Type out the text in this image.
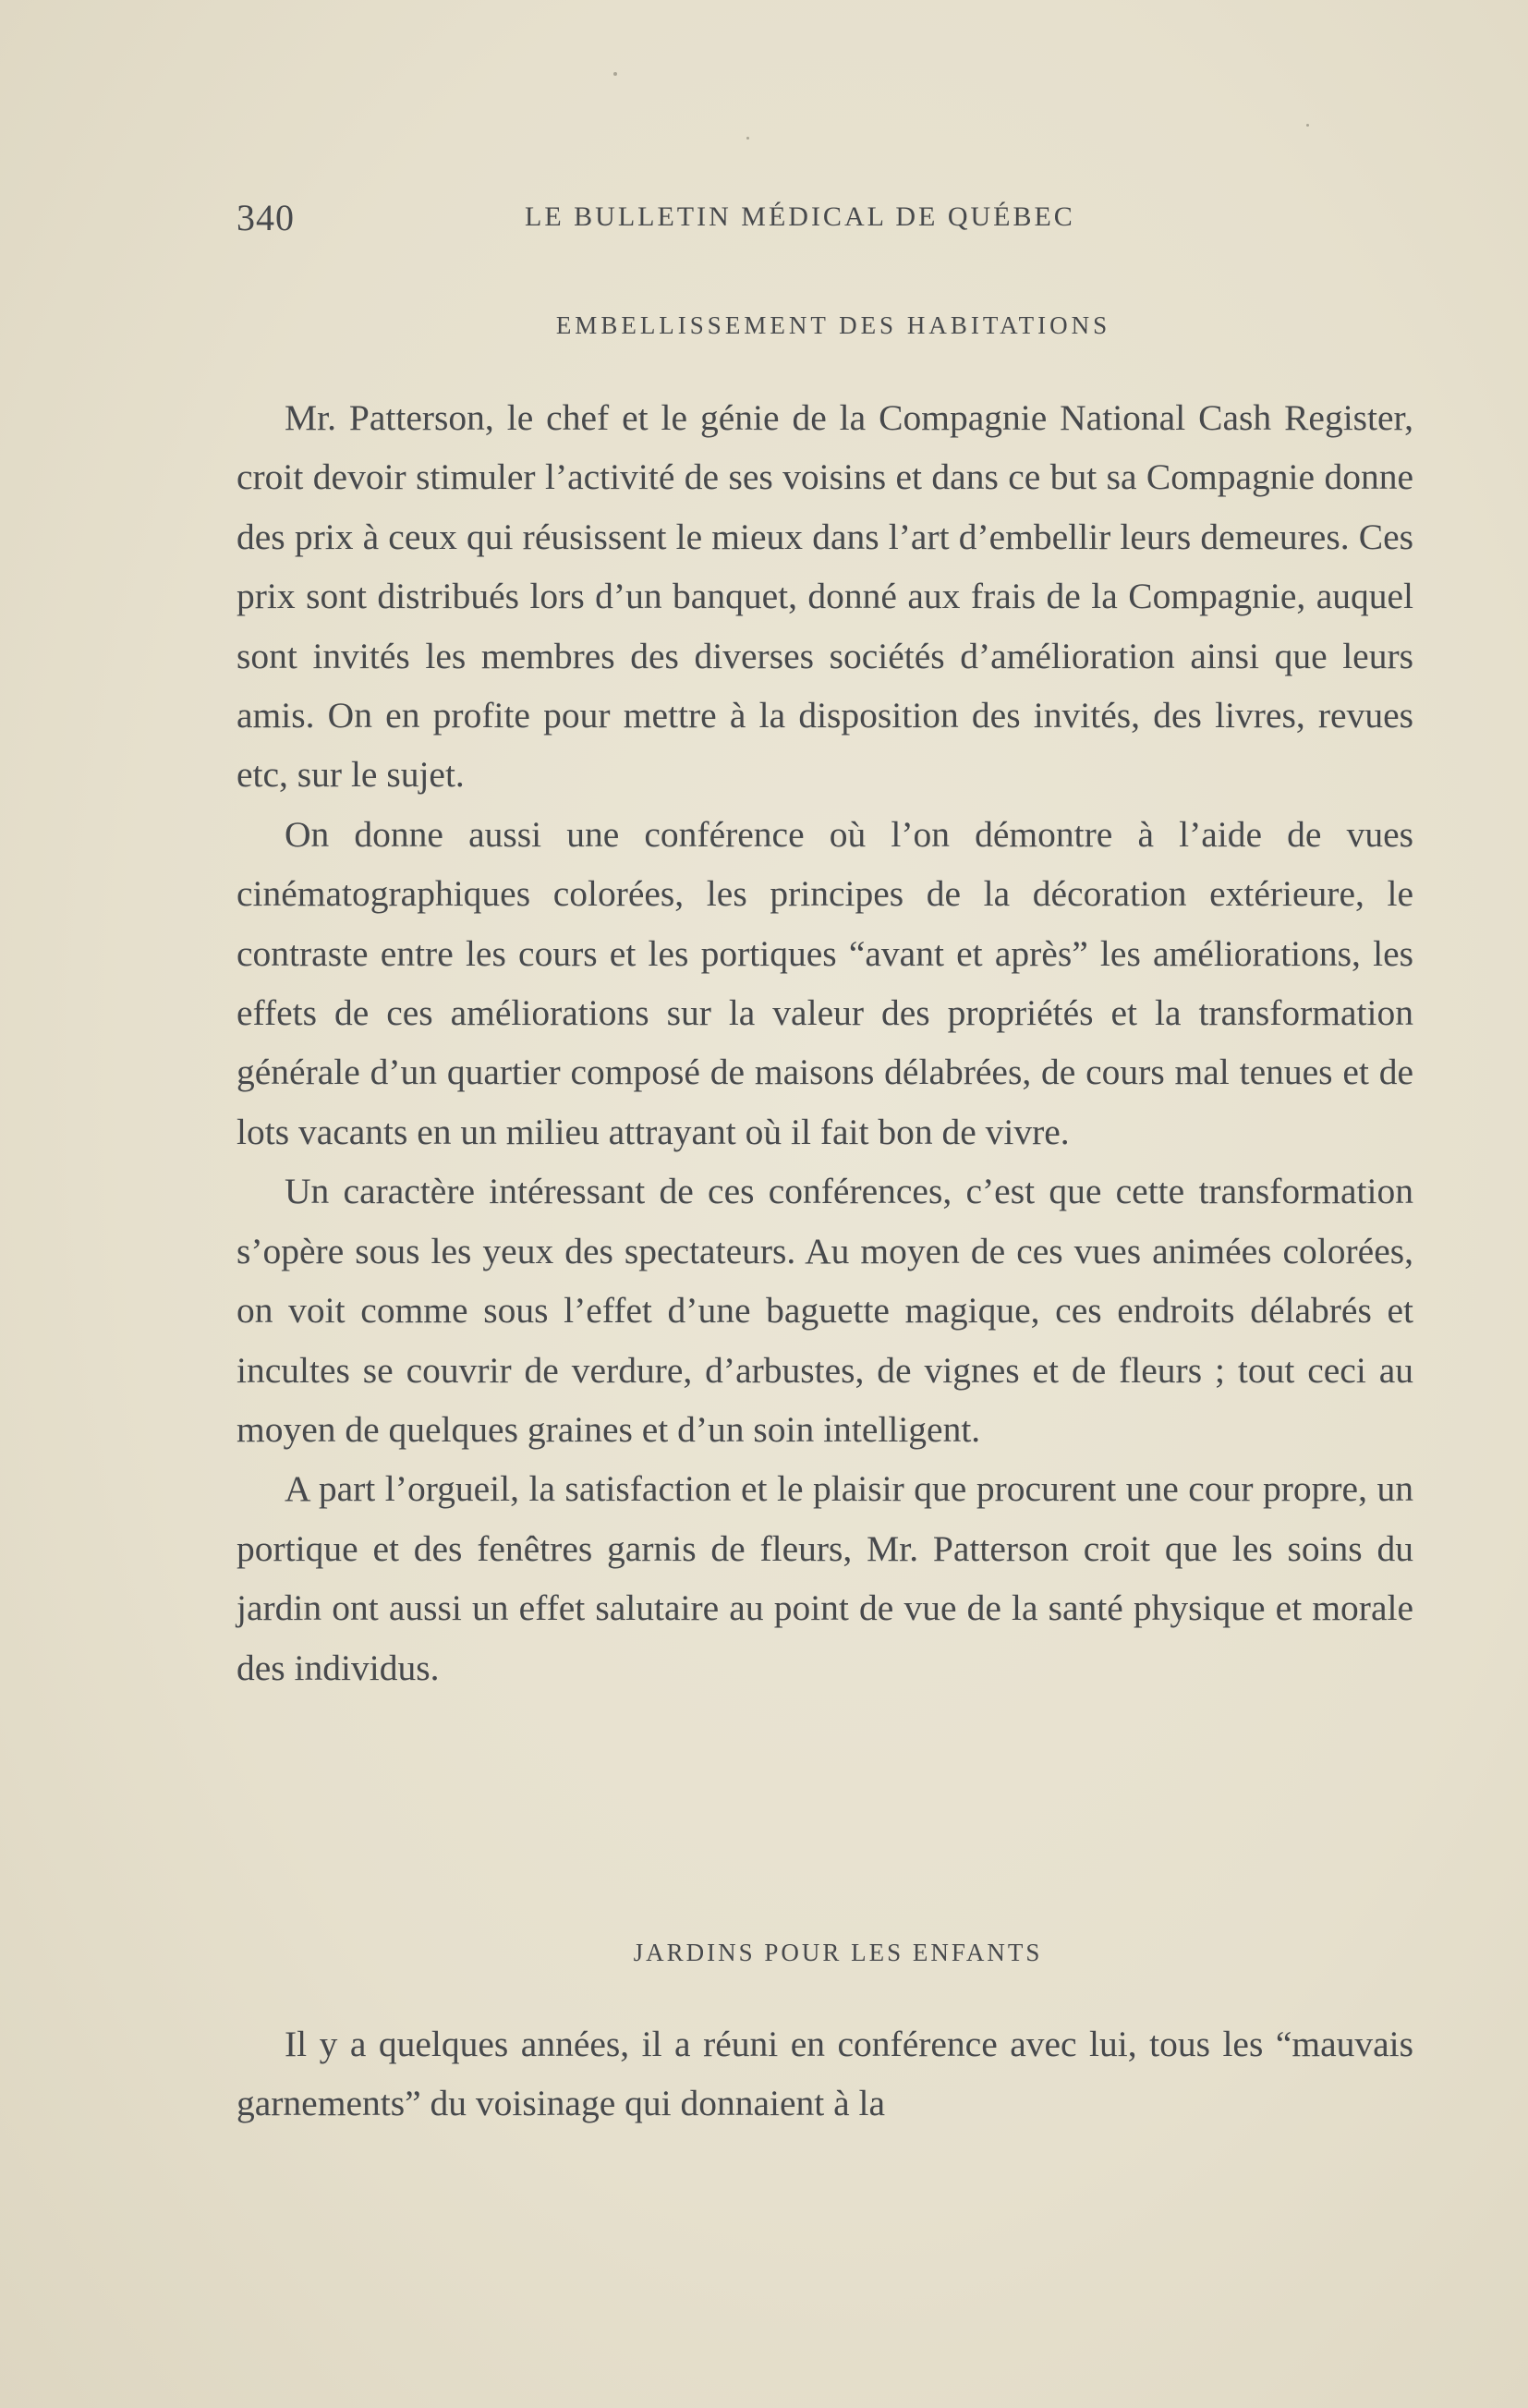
340	LE BULLETIN MÉDICAL DE QUÉBEC
EMBELLISSEMENT DES HABITATIONS

Mr. Patterson, le chef et le génie de la Compagnie National Cash Register, croit devoir stimuler l’activité de ses voisins et dans ce but sa Compagnie donne des prix à ceux qui réusissent le mieux dans l’art d’embellir leurs demeures. Ces prix sont distribués lors d’un banquet, donné aux frais de la Compagnie, auquel sont invités les membres des diverses sociétés d’amélioration ainsi que leurs amis. On en profite pour mettre à la disposition des invités, des livres, revues etc, sur le sujet.

On donne aussi une conférence où l’on démontre à l’aide de vues cinématographiques colorées, les principes de la décoration extérieure, le contraste entre les cours et les portiques “avant et après” les améliorations, les effets de ces améliorations sur la valeur des propriétés et la transformation générale d’un quartier composé de maisons délabrées, de cours mal tenues et de lots vacants en un milieu attrayant où il fait bon de vivre.

Un caractère intéressant de ces conférences, c’est que cette transformation s’opère sous les yeux des spectateurs. Au moyen de ces vues animées colorées, on voit comme sous l’effet d’une baguette magique, ces endroits délabrés et incultes se couvrir de verdure, d’arbustes, de vignes et de fleurs ; tout ceci au moyen de quelques graines et d’un soin intelligent.

A part l’orgueil, la satisfaction et le plaisir que procurent une cour propre, un portique et des fenêtres garnis de fleurs, Mr. Patterson croit que les soins du jardin ont aussi un effet salutaire au point de vue de la santé physique et morale des individus.

JARDINS POUR LES ENFANTS

Il y a quelques années, il a réuni en conférence avec lui, tous les “mauvais garnements” du voisinage qui donnaient à la
